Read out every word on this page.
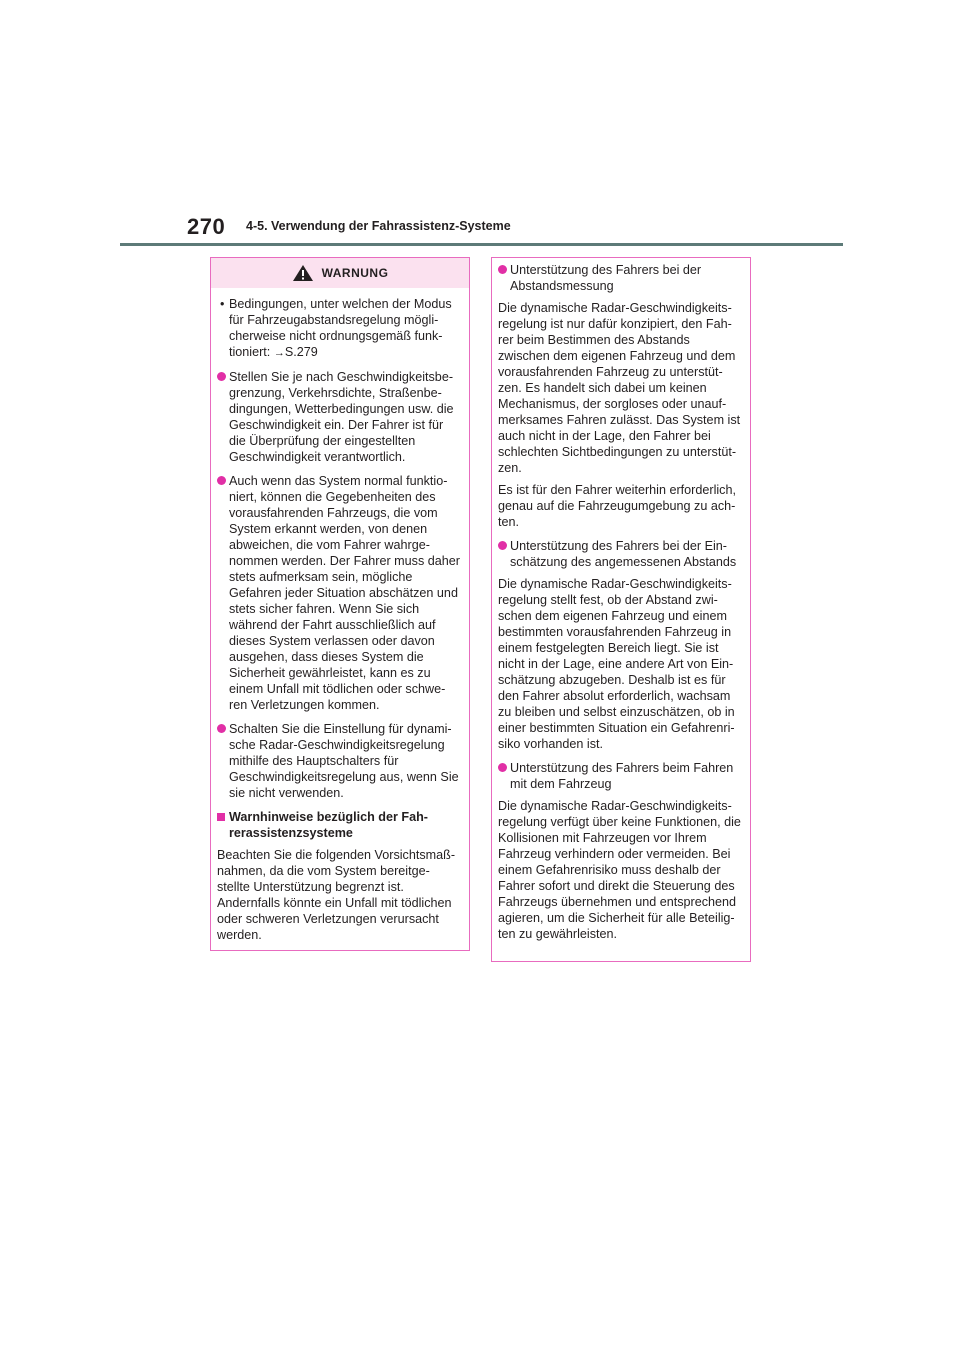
270 4-5. Verwendung der Fahrassistenz-Systeme
WARNUNG
• Bedingungen, unter welchen der Modus für Fahrzeugabstandsregelung mögli-cherweise nicht ordnungsgemäß funk-tioniert: →S.279
Stellen Sie je nach Geschwindigkeitsbe-grenzung, Verkehrsdichte, Straßenbe-dingungen, Wetterbedingungen usw. die Geschwindigkeit ein. Der Fahrer ist für die Überprüfung der eingestellten Geschwindigkeit verantwortlich.
Auch wenn das System normal funktio-niert, können die Gegebenheiten des vorausfahrenden Fahrzeugs, die vom System erkannt werden, von denen abweichen, die vom Fahrer wahrge-nommen werden. Der Fahrer muss daher stets aufmerksam sein, mögliche Gefahren jeder Situation abschätzen und stets sicher fahren. Wenn Sie sich während der Fahrt ausschließlich auf dieses System verlassen oder davon ausgehen, dass dieses System die Sicherheit gewährleistet, kann es zu einem Unfall mit tödlichen oder schwe-ren Verletzungen kommen.
Schalten Sie die Einstellung für dynami-sche Radar-Geschwindigkeitsregelung mithilfe des Hauptschalters für Geschwindigkeitsregelung aus, wenn Sie sie nicht verwenden.
Warnhinweise bezüglich der Fah-rerassistenzsysteme
Beachten Sie die folgenden Vorsichtsmaß-nahmen, da die vom System bereitge-stellte Unterstützung begrenzt ist. Andernfalls könnte ein Unfall mit tödlichen oder schweren Verletzungen verursacht werden.
Unterstützung des Fahrers bei der Abstandsmessung
Die dynamische Radar-Geschwindigkeits-regelung ist nur dafür konzipiert, den Fah-rer beim Bestimmen des Abstands zwischen dem eigenen Fahrzeug und dem vorausfahrenden Fahrzeug zu unterstüt-zen. Es handelt sich dabei um keinen Mechanismus, der sorgloses oder unauf-merksames Fahren zulässt. Das System ist auch nicht in der Lage, den Fahrer bei schlechten Sichtbedingungen zu unterstüt-zen.
Es ist für den Fahrer weiterhin erforderlich, genau auf die Fahrzeugumgebung zu ach-ten.
Unterstützung des Fahrers bei der Ein-schätzung des angemessenen Abstands
Die dynamische Radar-Geschwindigkeits-regelung stellt fest, ob der Abstand zwi-schen dem eigenen Fahrzeug und einem bestimmten vorausfahrenden Fahrzeug in einem festgelegten Bereich liegt. Sie ist nicht in der Lage, eine andere Art von Ein-schätzung abzugeben. Deshalb ist es für den Fahrer absolut erforderlich, wachsam zu bleiben und selbst einzuschätzen, ob in einer bestimmten Situation ein Gefahrenri-siko vorhanden ist.
Unterstützung des Fahrers beim Fahren mit dem Fahrzeug
Die dynamische Radar-Geschwindigkeits-regelung verfügt über keine Funktionen, die Kollisionen mit Fahrzeugen vor Ihrem Fahrzeug verhindern oder vermeiden. Bei einem Gefahrenrisiko muss deshalb der Fahrer sofort und direkt die Steuerung des Fahrzeugs übernehmen und entsprechend agieren, um die Sicherheit für alle Beteilig-ten zu gewährleisten.
